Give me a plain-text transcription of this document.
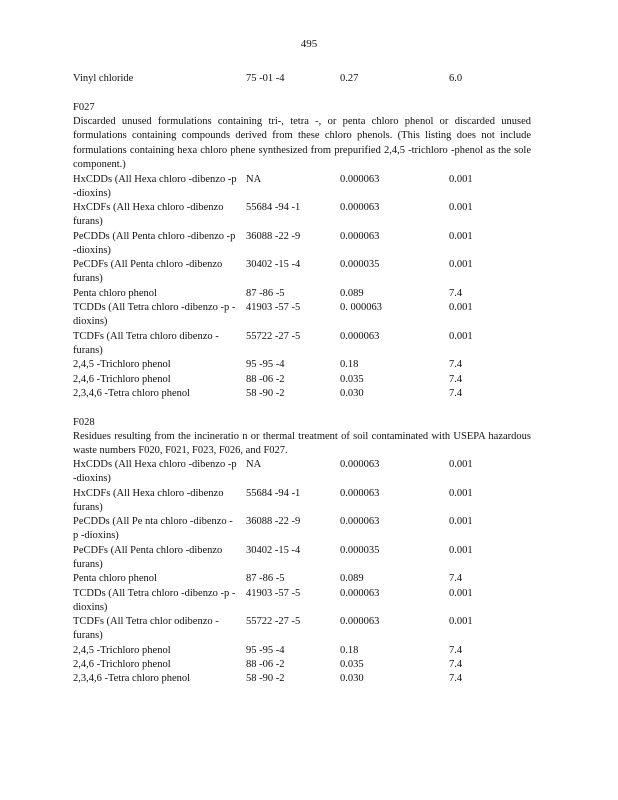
495
Vinyl chloride	75 -01 -4	0.27	6.0
F027
Discarded unused formulations containing tri-, tetra -, or penta chloro phenol or discarded unused formulations containing compounds derived from these chloro phenols. (This listing does not include formulations containing hexa chloro phene synthesized from prepurified 2,4,5 -trichloro -phenol as the sole component.)
HxCDDs (All Hexa chloro -dibenzo -p -dioxins)
NA	0.000063	0.001
HxCDFs (All Hexa chloro -dibenzo furans)
55684 -94 -1	0.000063	0.001
PeCDDs (All Penta chloro -dibenzo -p -dioxins)
36088 -22 -9	0.000063	0.001
PeCDFs (All Penta chloro -dibenzo furans)
30402 -15 -4	0.000035	0.001
Penta chloro phenol	87 -86 -5	0.089	7.4
TCDDs (All Tetra chloro -dibenzo -p -dioxins)
41903 -57 -5	0. 000063	0.001
TCDFs (All Tetra chloro dibenzo -furans)
55722 -27 -5	0.000063	0.001
2,4,5 -Trichloro phenol	95 -95 -4	0.18	7.4
2,4,6 -Trichloro phenol	88 -06 -2	0.035	7.4
2,3,4,6 -Tetra chloro phenol	58 -90 -2	0.030	7.4
F028
Residues resulting from the incineratio n or thermal treatment of soil contaminated with USEPA hazardous waste numbers F020, F021, F023, F026, and F027.
HxCDDs (All Hexa chloro -dibenzo -p -dioxins)
NA	0.000063	0.001
HxCDFs (All Hexa chloro -dibenzo furans)
55684 -94 -1	0.000063	0.001
PeCDDs (All Pe nta chloro -dibenzo -p -dioxins)
36088 -22 -9	0.000063	0.001
PeCDFs (All Penta chloro -dibenzo furans)
30402 -15 -4	0.000035	0.001
Penta chloro phenol	87 -86 -5	0.089	7.4
TCDDs (All Tetra chloro -dibenzo -p -dioxins)
41903 -57 -5	0.000063	0.001
TCDFs (All Tetra chlor odibenzo -furans)
55722 -27 -5	0.000063	0.001
2,4,5 -Trichloro phenol	95 -95 -4	0.18	7.4
2,4,6 -Trichloro phenol	88 -06 -2	0.035	7.4
2,3,4,6 -Tetra chloro phenol	58 -90 -2	0.030	7.4
